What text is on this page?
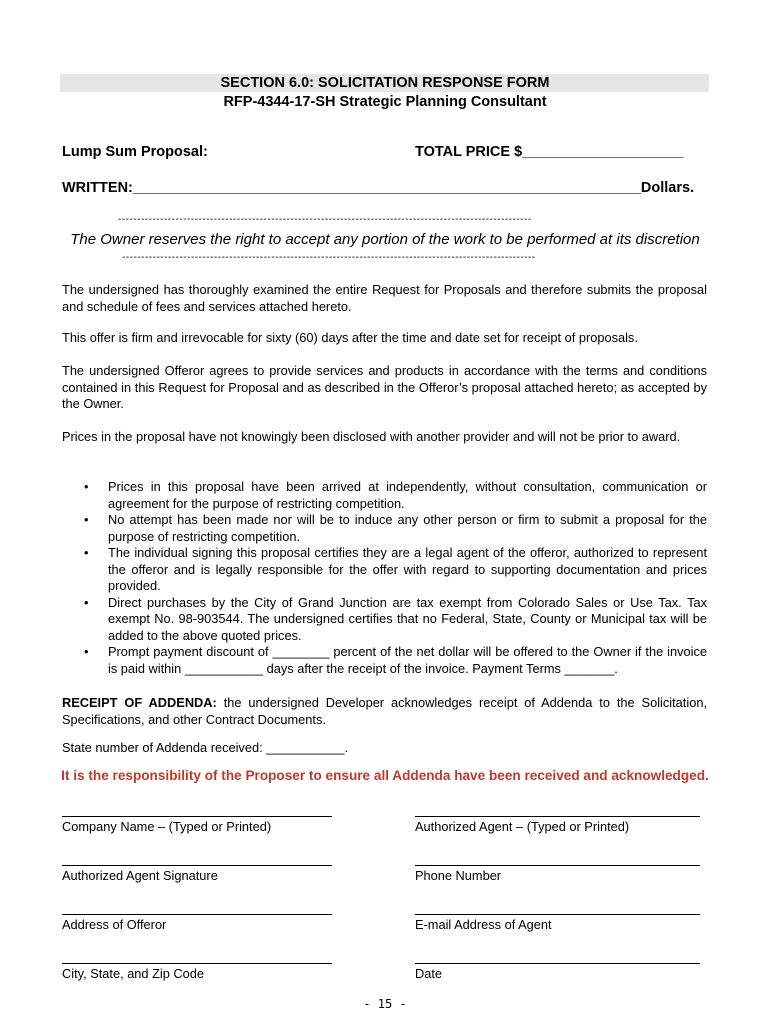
SECTION 6.0: SOLICITATION RESPONSE FORM
RFP-4344-17-SH Strategic Planning Consultant
Lump Sum Proposal:	TOTAL PRICE $____________________
WRITTEN:_______________________________________________________________Dollars.
------------------------------------------------------------------------------------------------------------
The Owner reserves the right to accept any portion of the work to be performed at its discretion
------------------------------------------------------------------------------------------------------------
The undersigned has thoroughly examined the entire Request for Proposals and therefore submits the proposal and schedule of fees and services attached hereto.
This offer is firm and irrevocable for sixty (60) days after the time and date set for receipt of proposals.
The undersigned Offeror agrees to provide services and products in accordance with the terms and conditions contained in this Request for Proposal and as described in the Offeror’s proposal attached hereto; as accepted by the Owner.
Prices in the proposal have not knowingly been disclosed with another provider and will not be prior to award.
• Prices in this proposal have been arrived at independently, without consultation, communication or agreement for the purpose of restricting competition.
• No attempt has been made nor will be to induce any other person or firm to submit a proposal for the purpose of restricting competition.
• The individual signing this proposal certifies they are a legal agent of the offeror, authorized to represent the offeror and is legally responsible for the offer with regard to supporting documentation and prices provided.
• Direct purchases by the City of Grand Junction are tax exempt from Colorado Sales or Use Tax. Tax exempt No. 98-903544. The undersigned certifies that no Federal, State, County or Municipal tax will be added to the above quoted prices.
• Prompt payment discount of ________ percent of the net dollar will be offered to the Owner if the invoice is paid within ___________ days after the receipt of the invoice. Payment Terms _______.
RECEIPT OF ADDENDA: the undersigned Developer acknowledges receipt of Addenda to the Solicitation, Specifications, and other Contract Documents.
State number of Addenda received: ___________.
It is the responsibility of the Proposer to ensure all Addenda have been received and acknowledged.
Company Name – (Typed or Printed)	Authorized Agent – (Typed or Printed)
Authorized Agent Signature	Phone Number
Address of Offeror	E-mail Address of Agent
City, State, and Zip Code	Date
- 15 -
